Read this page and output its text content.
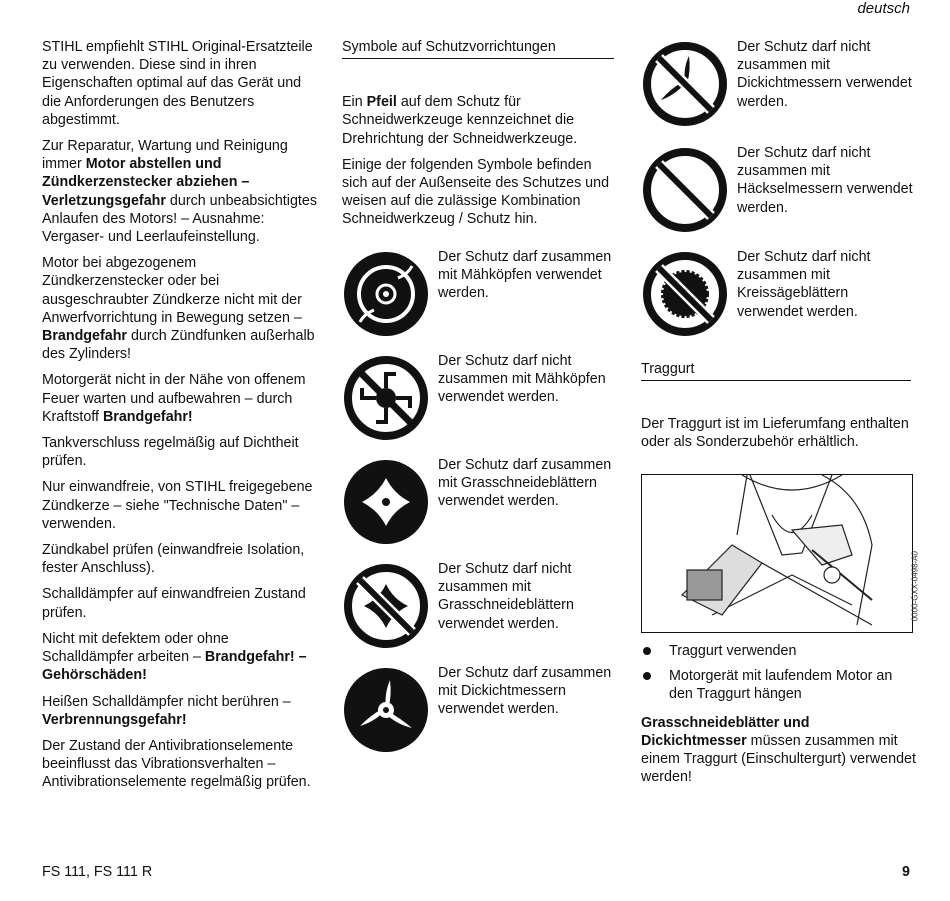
deutsch

STIHL empfiehlt STIHL Original-Ersatzteile zu verwenden. Diese sind in ihren Eigenschaften optimal auf das Gerät und die Anforderungen des Benutzers abgestimmt.

Zur Reparatur, Wartung und Reinigung immer Motor abstellen und Zündkerzenstecker abziehen – Verletzungsgefahr durch unbeabsichtigtes Anlaufen des Motors! – Ausnahme: Vergaser- und Leerlaufeinstellung.

Motor bei abgezogenem Zündkerzenstecker oder bei ausgeschraubter Zündkerze nicht mit der Anwerfvorrichtung in Bewegung setzen – Brandgefahr durch Zündfunken außerhalb des Zylinders!

Motorgerät nicht in der Nähe von offenem Feuer warten und aufbewahren – durch Kraftstoff Brandgefahr!

Tankverschluss regelmäßig auf Dichtheit prüfen.

Nur einwandfreie, von STIHL freigegebene Zündkerze – siehe "Technische Daten" – verwenden.

Zündkabel prüfen (einwandfreie Isolation, fester Anschluss).

Schalldämpfer auf einwandfreien Zustand prüfen.

Nicht mit defektem oder ohne Schalldämpfer arbeiten – Brandgefahr! – Gehörschäden!

Heißen Schalldämpfer nicht berühren – Verbrennungsgefahr!

Der Zustand der Antivibrationselemente beeinflusst das Vibrationsverhalten – Antivibrationselemente regelmäßig prüfen.

Symbole auf Schutzvorrichtungen

Ein Pfeil auf dem Schutz für Schneidwerkzeuge kennzeichnet die Drehrichtung der Schneidwerkzeuge.

Einige der folgenden Symbole befinden sich auf der Außenseite des Schutzes und weisen auf die zulässige Kombination Schneidwerkzeug / Schutz hin.

Der Schutz darf zusammen mit Mähköpfen verwendet werden.
Der Schutz darf nicht zusammen mit Mähköpfen verwendet werden.
Der Schutz darf zusammen mit Grasschneideblättern verwendet werden.
Der Schutz darf nicht zusammen mit Grasschneideblättern verwendet werden.
Der Schutz darf zusammen mit Dickichtmessern verwendet werden.
Der Schutz darf nicht zusammen mit Dickichtmessern verwendet werden.
Der Schutz darf nicht zusammen mit Häckselmessern verwendet werden.
Der Schutz darf nicht zusammen mit Kreissägeblättern verwendet werden.

Traggurt

Der Traggurt ist im Lieferumfang enthalten oder als Sonderzubehör erhältlich.

0000-GXX-0498-A0
Traggurt verwenden
Motorgerät mit laufendem Motor an den Traggurt hängen

Grasschneideblätter und Dickichtmesser müssen zusammen mit einem Traggurt (Einschultergurt) verwendet werden!

FS 111, FS 111 R	9
